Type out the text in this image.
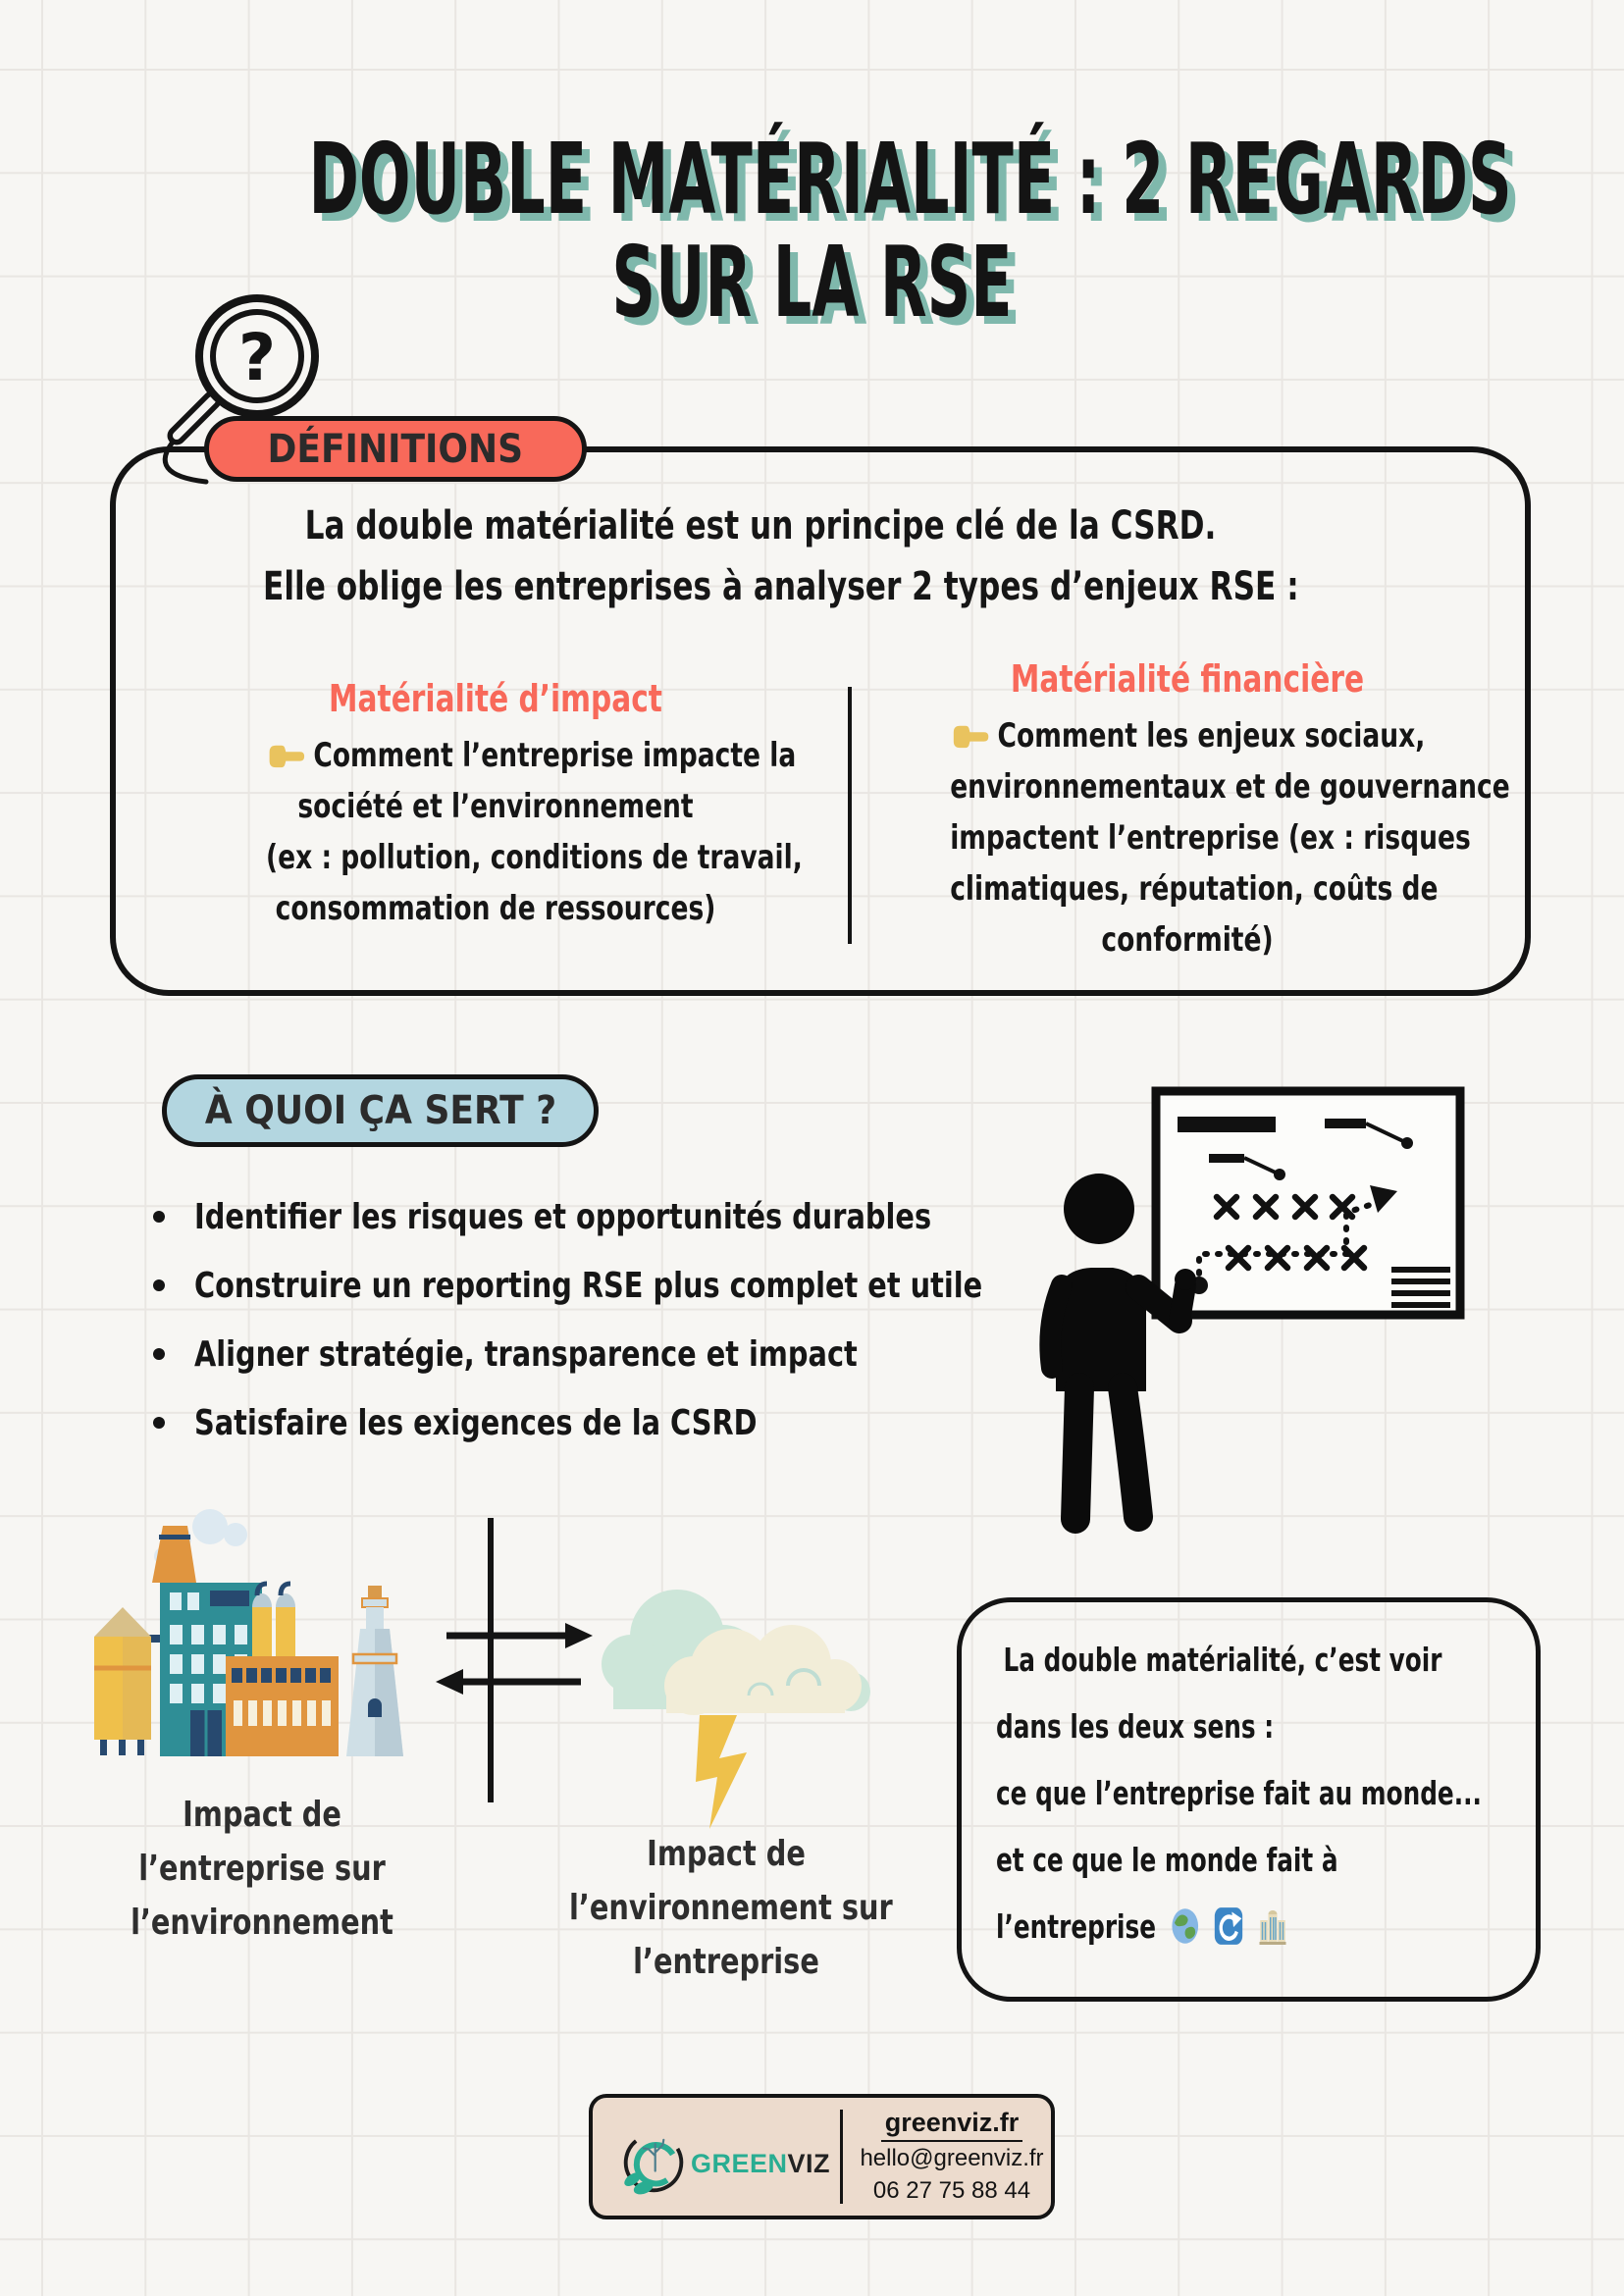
DOUBLE MATÉRIALITÉ : 2 REGARDS
SUR LA RSE
?
DÉFINITIONS
La double matérialité est un principe clé de la CSRD.
Elle oblige les entreprises à analyser 2 types d’enjeux RSE :
Matérialité d’impact
Comment l’entreprise impacte la
société et l’environnement
(ex : pollution, conditions de travail,
consommation de ressources)
Matérialité financière
Comment les enjeux sociaux,
environnementaux et de gouvernance
impactent l’entreprise (ex : risques
climatiques, réputation, coûts de
conformité)
À QUOI ÇA SERT ?
Identifier les risques et opportunités durables
Construire un reporting RSE plus complet et utile
Aligner stratégie, transparence et impact
Satisfaire les exigences de la CSRD
Impact de
l’entreprise sur
l’environnement
Impact de
l’environnement sur
l’entreprise
La double matérialité, c’est voir
dans les deux sens :
ce que l’entreprise fait au monde...
et ce que le monde fait à
l’entreprise
GREENVIZ
greenviz.fr
hello@greenviz.fr
06 27 75 88 44
